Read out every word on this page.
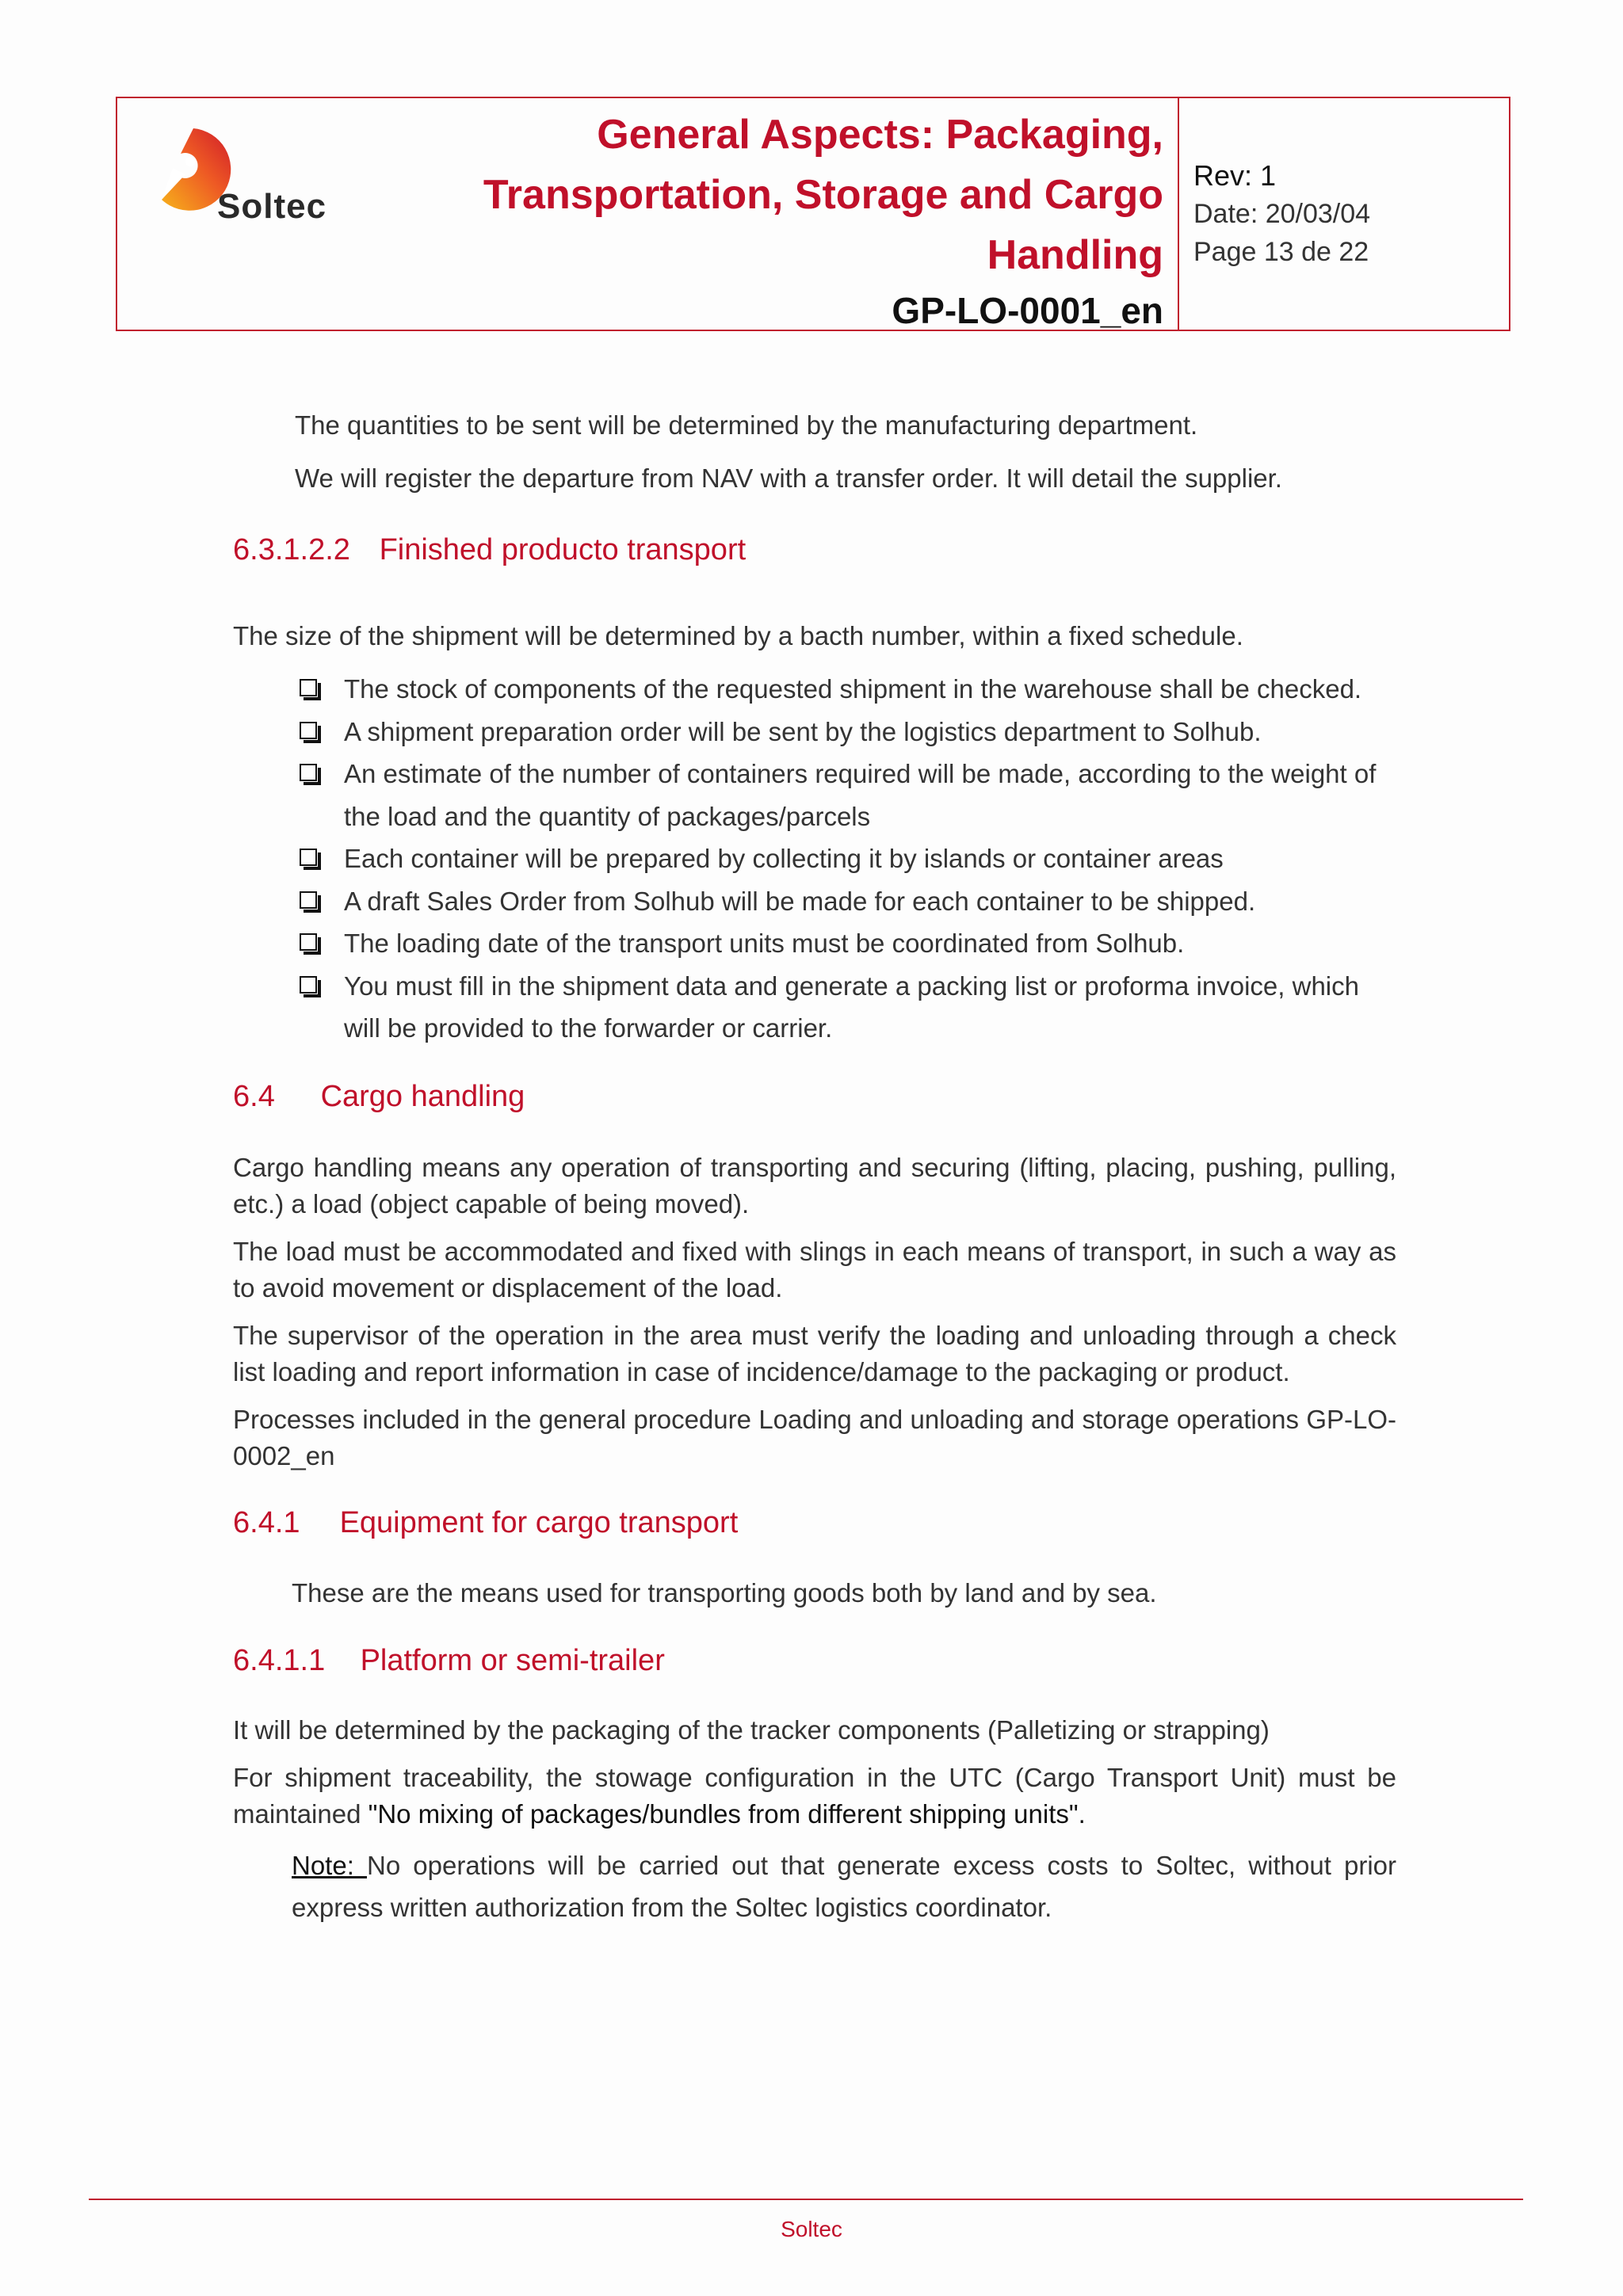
Soltec
General Aspects: Packaging,
Transportation, Storage and Cargo
Handling
GP-LO-0001_en
Rev: 1
Date: 20/03/04
Page 13 de 22

The quantities to be sent will be determined by the manufacturing department.

We will register the departure from NAV with a transfer order. It will detail the supplier.

6.3.1.2.2 Finished producto transport

The size of the shipment will be determined by a bacth number, within a fixed schedule.

The stock of components of the requested shipment in the warehouse shall be checked.
A shipment preparation order will be sent by the logistics department to Solhub.
An estimate of the number of containers required will be made, according to the weight of the load and the quantity of packages/parcels
Each container will be prepared by collecting it by islands or container areas
A draft Sales Order from Solhub will be made for each container to be shipped.
The loading date of the transport units must be coordinated from Solhub.
You must fill in the shipment data and generate a packing list or proforma invoice, which will be provided to the forwarder or carrier.
6.4 Cargo handling

Cargo handling means any operation of transporting and securing (lifting, placing, pushing, pulling, etc.) a load (object capable of being moved).

The load must be accommodated and fixed with slings in each means of transport, in such a way as to avoid movement or displacement of the load.

The supervisor of the operation in the area must verify the loading and unloading through a check list loading and report information in case of incidence/damage to the packaging or product.

Processes included in the general procedure Loading and unloading and storage operations GP-LO-0002_en

6.4.1 Equipment for cargo transport

These are the means used for transporting goods both by land and by sea.

6.4.1.1 Platform or semi-trailer

It will be determined by the packaging of the tracker components (Palletizing or strapping)

For shipment traceability, the stowage configuration in the UTC (Cargo Transport Unit) must be maintained "No mixing of packages/bundles from different shipping units".

Note: No operations will be carried out that generate excess costs to Soltec, without prior express written authorization from the Soltec logistics coordinator.

Soltec
